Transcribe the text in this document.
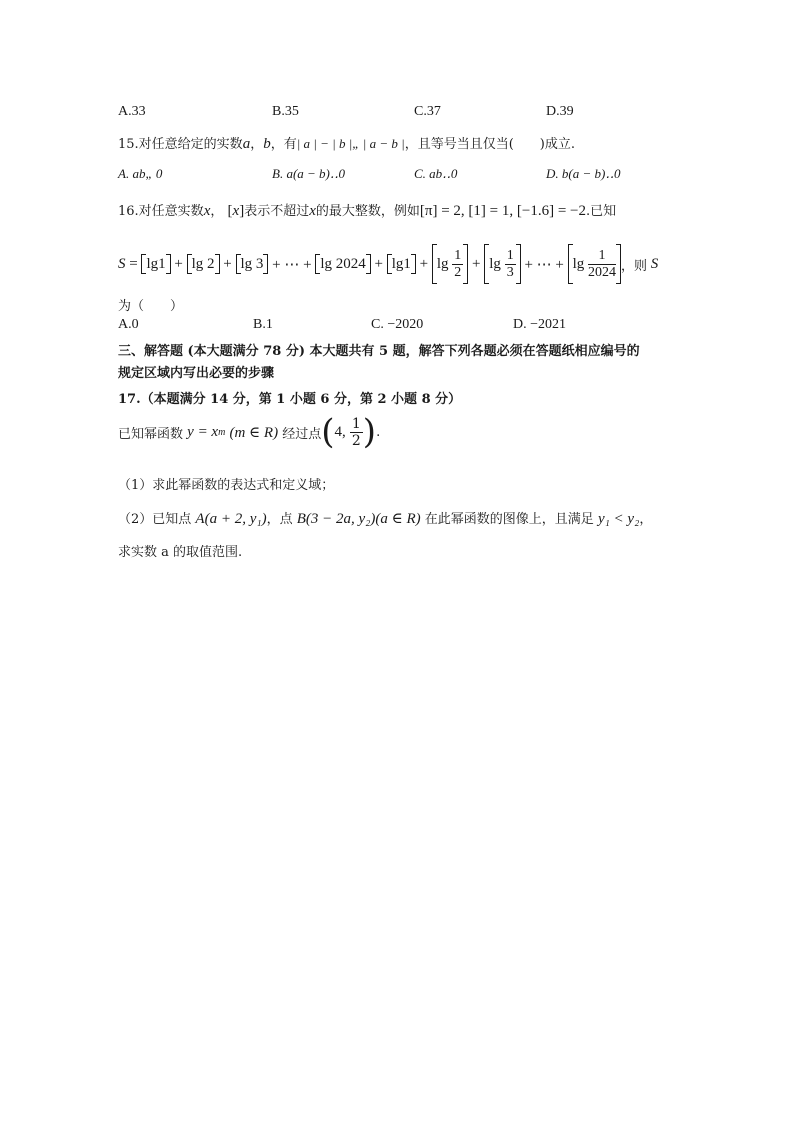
A.33	B.35	C.37	D.39
15.对任意给定的实数a，b，有| a | − | b |„ | a − b |，且等号当且仅当(　　)成立.
A. ab„ 0	B. a(a − b)‥0	C. ab‥0	D. b(a − b)‥0
16.对任意实数x， [x]表示不超过x的最大整数，例如[π] = 2, [1] = 1, [−1.6] = −2.已知
S
=
lg1 + lg 2 + lg 3
+ ⋯ +
lg 2024 + lg1 + lg
$\frac{1}{2} + \lg$
$\frac{1}{3}$
+ ⋯ +
lg
$\frac{1}{2024}$ ，则
S
为（　　）
A.0	B.1	C. −2020	D. −2021
三、解答题 (本大题满分 78 分) 本大题共有 5 题，解答下列各题必须在答题纸相应编号的
规定区域内写出必要的步骤
17.（本题满分 14 分，第 1 小题 6 分，第 2 小题 8 分）
已知幂函数
y = x m
(m ∈ R)
经过点 ( 4,
$\frac{1}{2}$ ) .
（1）求此幂函数的表达式和定义域；
（2）已知点 A(a + 2, y₁)，点 B(3 − 2a, y₂)(a ∈ R) 在此幂函数的图像上，且满足 y₁ < y₂，
求实数 a 的取值范围.
